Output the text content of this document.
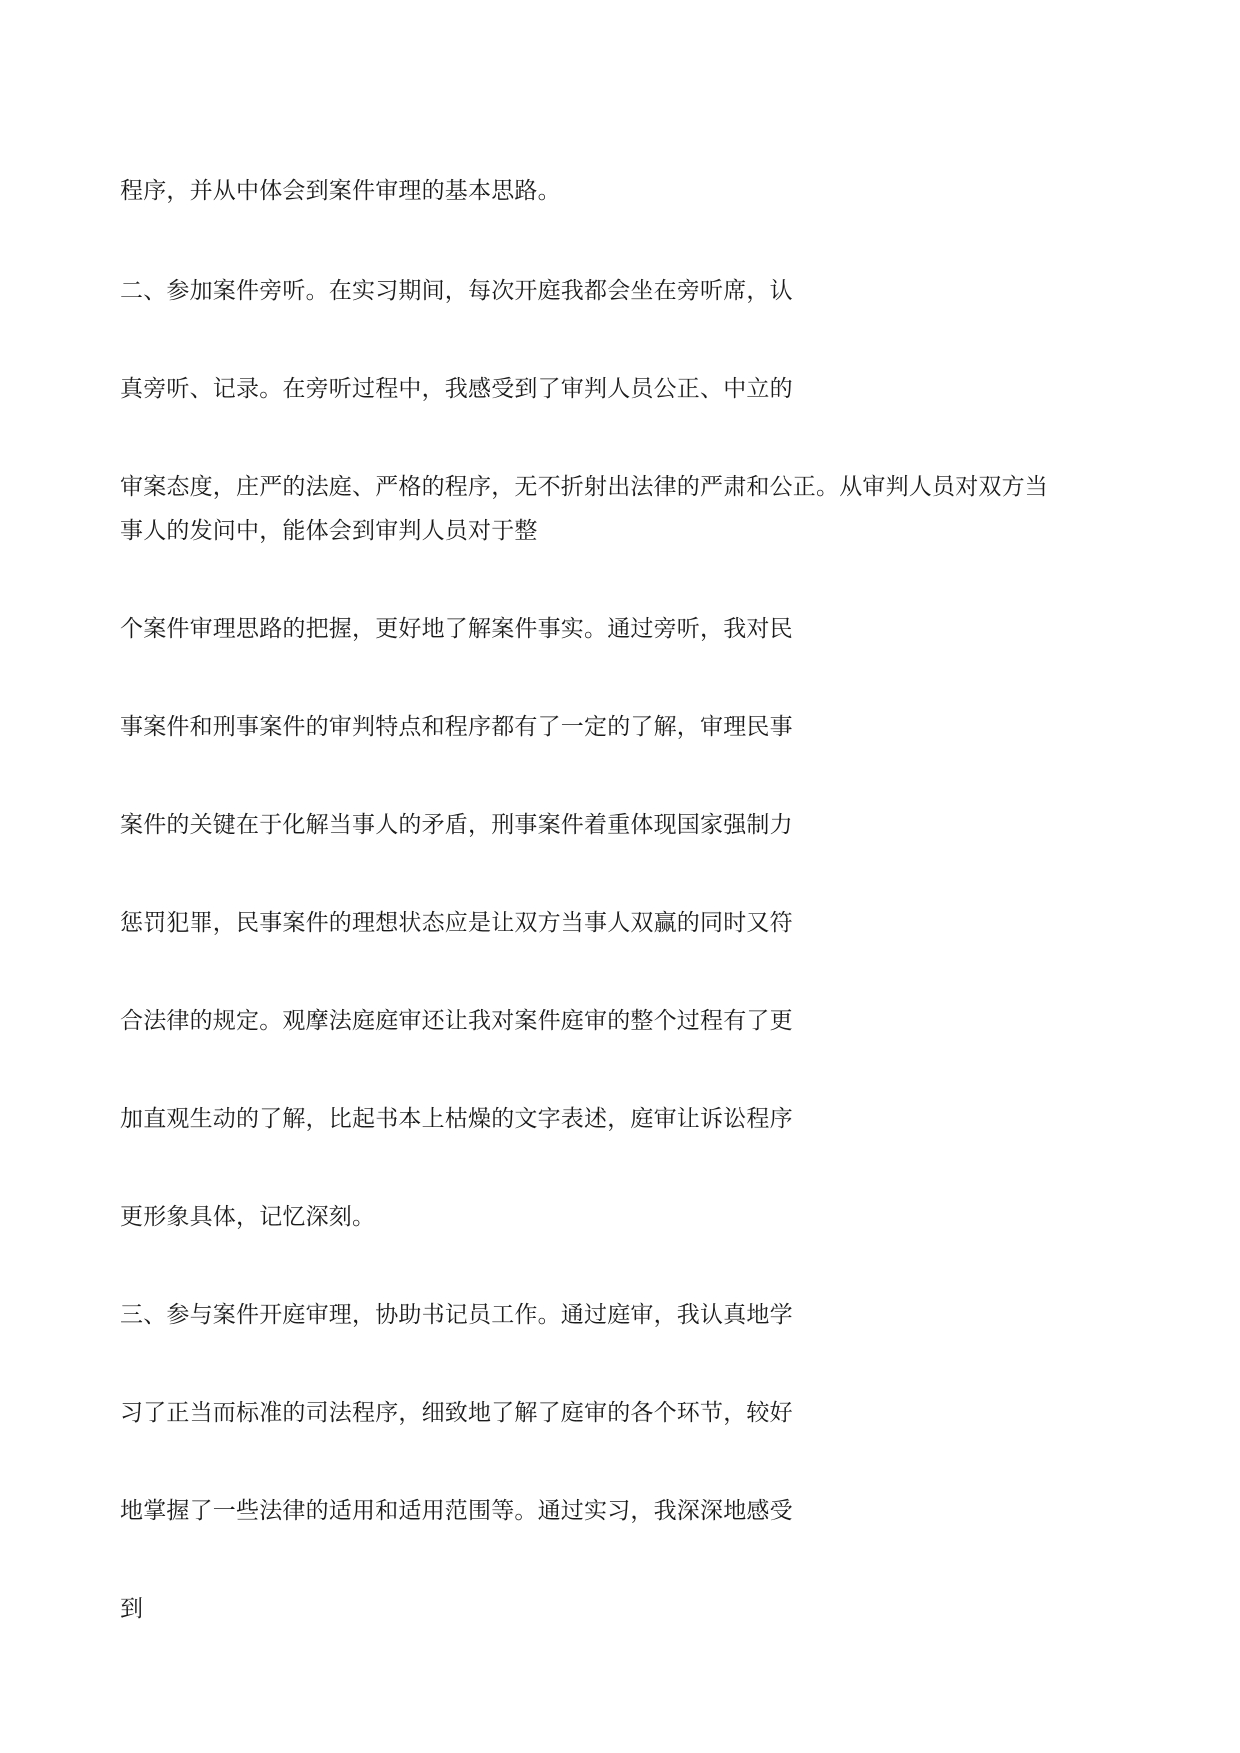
程序，并从中体会到案件审理的基本思路。

二、参加案件旁听。在实习期间，每次开庭我都会坐在旁听席，认

真旁听、记录。在旁听过程中，我感受到了审判人员公正、中立的

审案态度，庄严的法庭、严格的程序，无不折射出法律的严肃和公正。从审判人员对双方当

事人的发问中，能体会到审判人员对于整

个案件审理思路的把握，更好地了解案件事实。通过旁听，我对民

事案件和刑事案件的审判特点和程序都有了一定的了解，审理民事

案件的关键在于化解当事人的矛盾，刑事案件着重体现国家强制力

惩罚犯罪，民事案件的理想状态应是让双方当事人双赢的同时又符

合法律的规定。观摩法庭庭审还让我对案件庭审的整个过程有了更

加直观生动的了解，比起书本上枯燥的文字表述，庭审让诉讼程序

更形象具体，记忆深刻。

三、参与案件开庭审理，协助书记员工作。通过庭审，我认真地学

习了正当而标准的司法程序，细致地了解了庭审的各个环节，较好

地掌握了一些法律的适用和适用范围等。通过实习，我深深地感受

到
